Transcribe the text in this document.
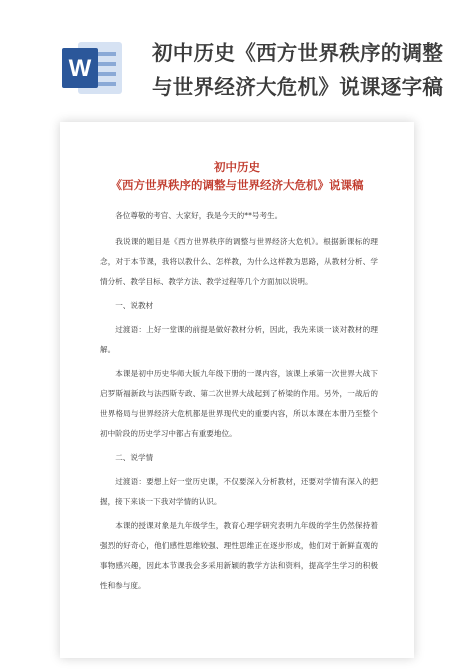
W
初中历史《西方世界秩序的调整与世界经济大危机》说课逐字稿
初中历史
《西方世界秩序的调整与世界经济大危机》说课稿

各位尊敬的考官、大家好，我是今天的**号考生。

我说课的题目是《西方世界秩序的调整与世界经济大危机》。根据新课标的理念，对于本节课，我将以教什么、怎样教，为什么这样教为思路，从教材分析、学情分析、教学目标、教学方法、教学过程等几个方面加以说明。

一、说教材

过渡语：上好一堂课的前提是做好教材分析，因此，我先来谈一谈对教材的理解。

本课是初中历史华师大版九年级下册的一课内容，该课上承第一次世界大战下启罗斯福新政与法西斯专政、第二次世界大战起到了桥梁的作用。另外，一战后的世界格局与世界经济大危机都是世界现代史的重要内容，所以本课在本册乃至整个初中阶段的历史学习中都占有重要地位。

二、说学情

过渡语：要想上好一堂历史课，不仅要深入分析教材，还要对学情有深入的把握，接下来谈一下我对学情的认识。

本课的授课对象是九年级学生，教育心理学研究表明九年级的学生仍然保持着强烈的好奇心，他们感性思维较强、理性思维正在逐步形成，他们对于新鲜直观的事物感兴趣，因此本节课我会多采用新颖的教学方法和资料，提高学生学习的积极性和参与度。
